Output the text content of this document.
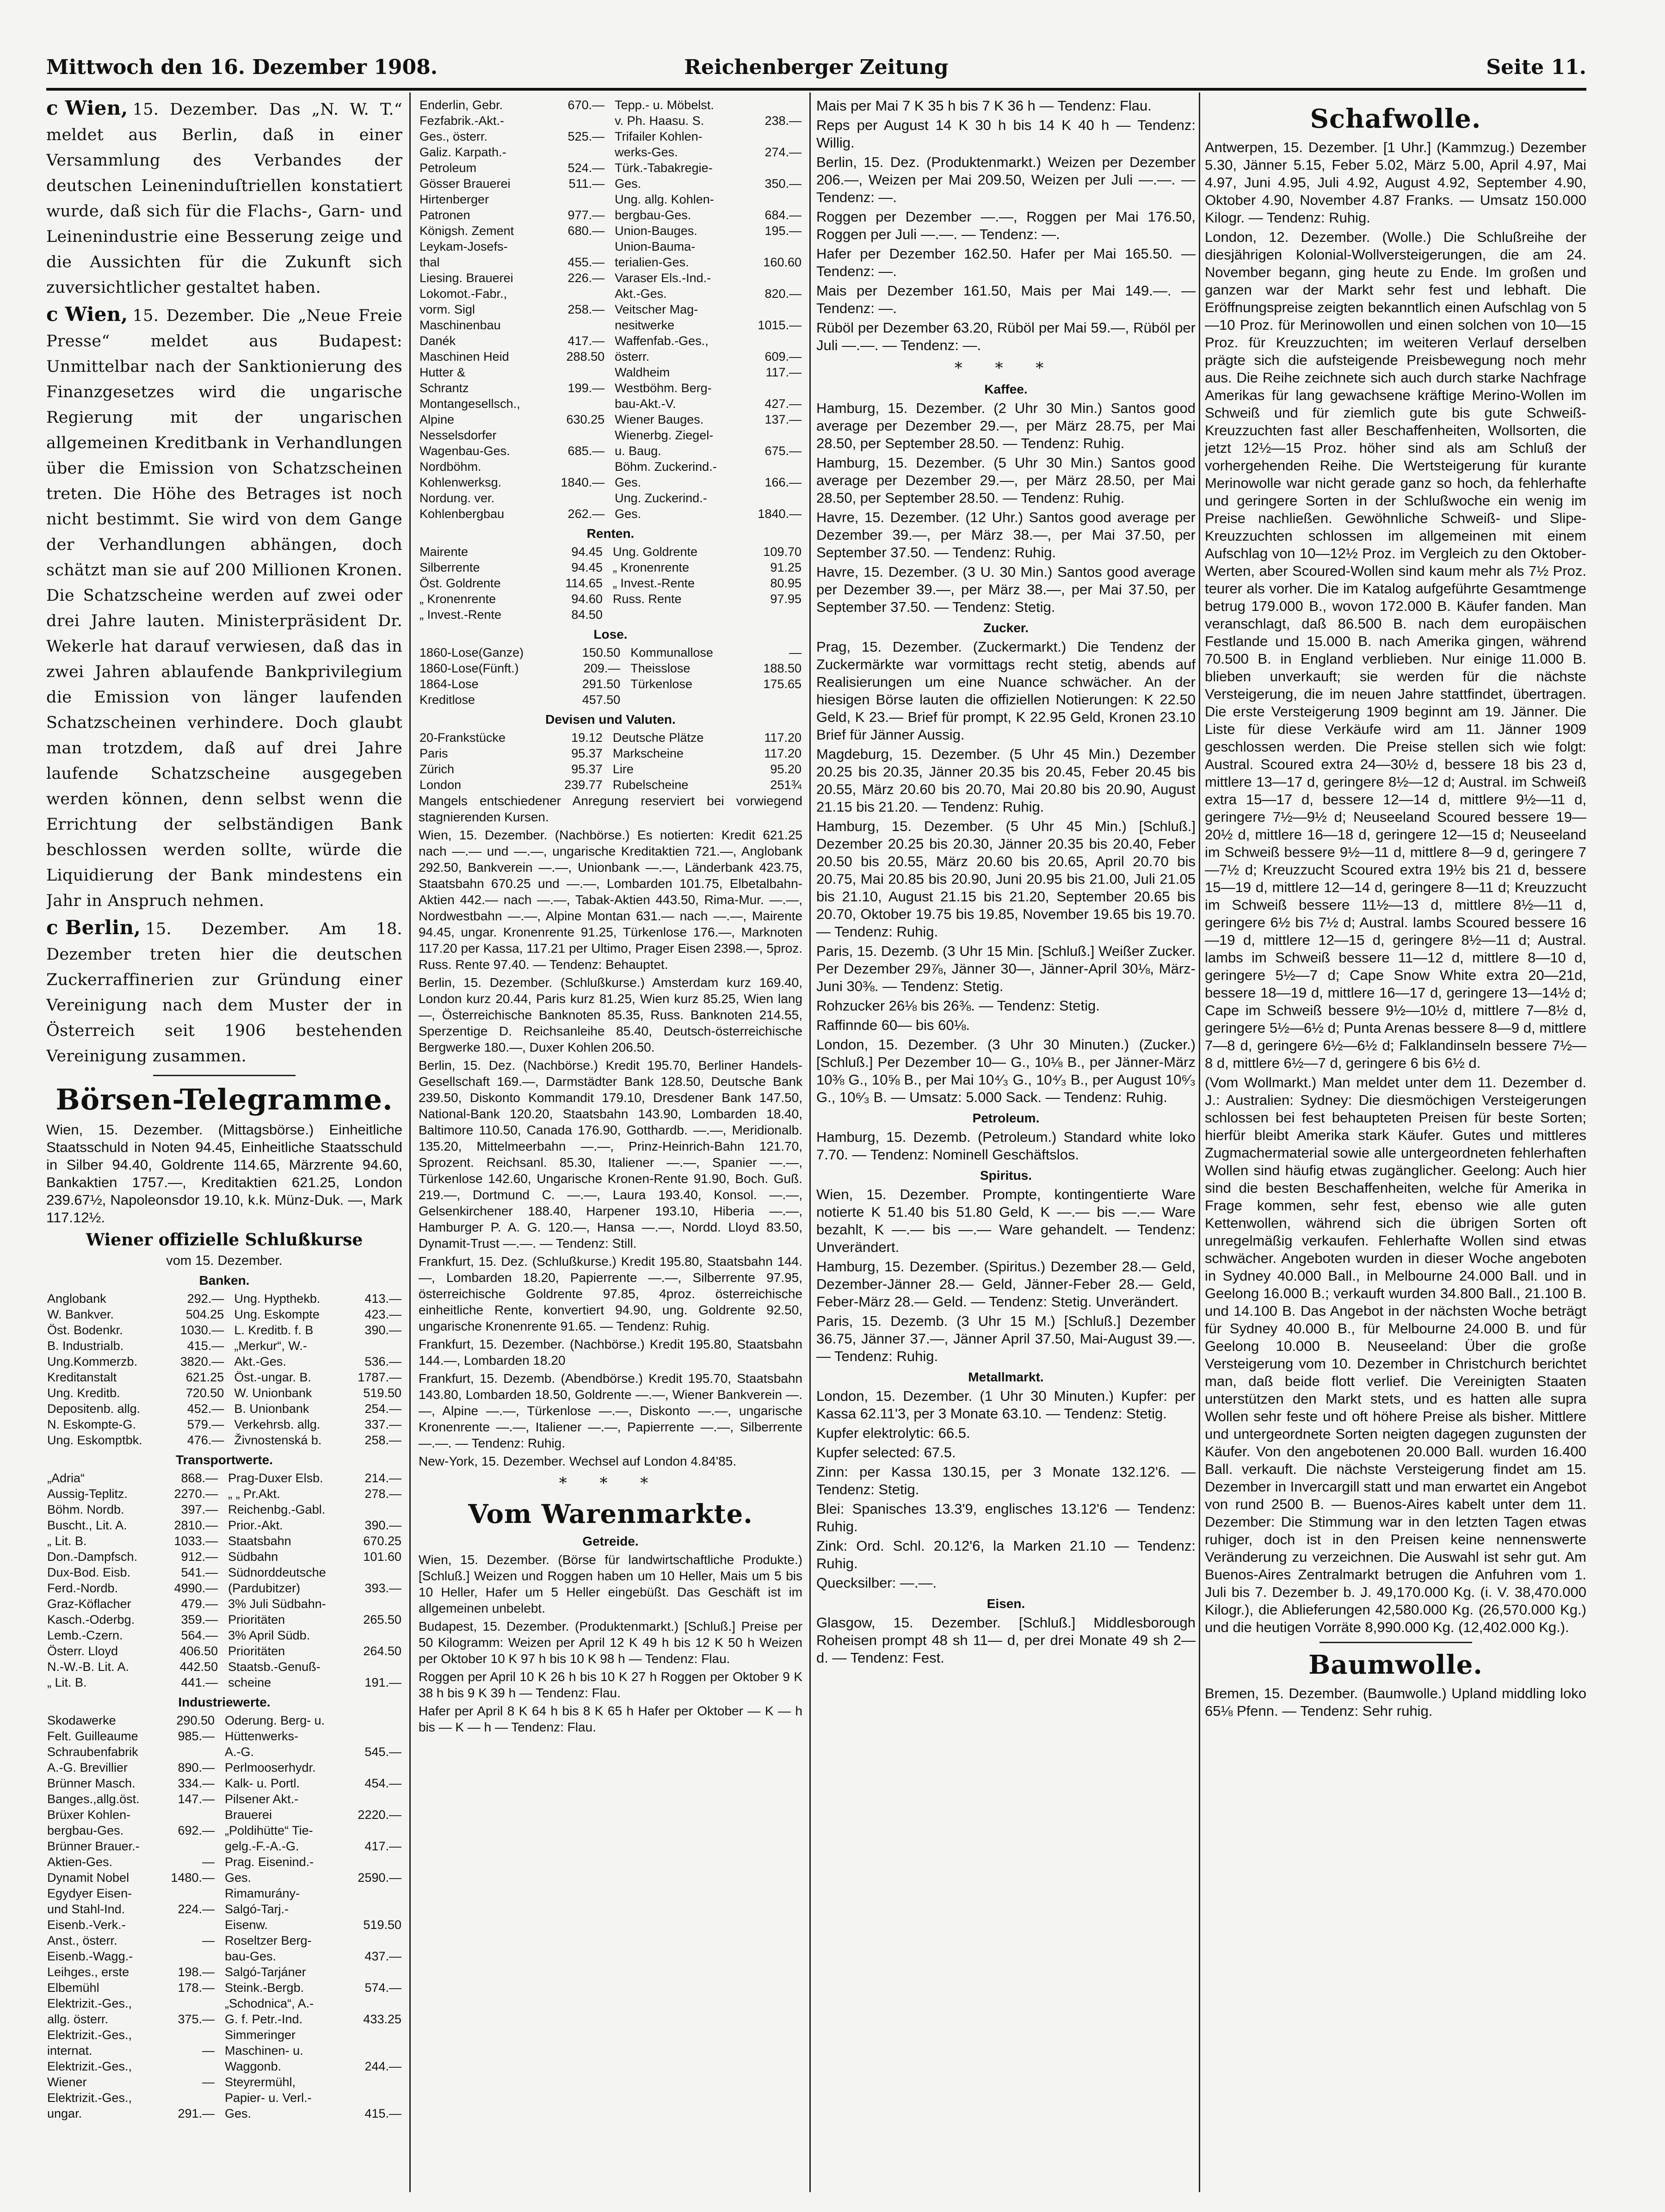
Mittwoch den 16. Dezember 1908.	Reichenberger Zeitung	Seite 11.

c Wien, 15. Dezember. Das „N. W. T.“ meldet aus Berlin, daß in einer Versammlung des Verbandes der deutschen Leineninduſtriellen konstatiert wurde, daß sich für die Flachs-, Garn- und Leinenindustrie eine Besserung zeige und die Aussichten für die Zukunft sich zuversichtlicher gestaltet haben.

c Wien, 15. Dezember. Die „Neue Freie Presse“ meldet aus Budapest: Unmittelbar nach der Sanktionierung des Finanzgesetzes wird die ungarische Regierung mit der ungarischen allgemeinen Kreditbank in Verhandlungen über die Emission von Schatzscheinen treten. Die Höhe des Betrages ist noch nicht bestimmt. Sie wird von dem Gange der Verhandlungen abhängen, doch schätzt man sie auf 200 Millionen Kronen. Die Schatzscheine werden auf zwei oder drei Jahre lauten. Ministerpräsident Dr. Wekerle hat darauf verwiesen, daß das in zwei Jahren ablaufende Bankprivilegium die Emission von länger laufenden Schatzscheinen verhindere. Doch glaubt man trotzdem, daß auf drei Jahre laufende Schatzscheine ausgegeben werden können, denn selbst wenn die Errichtung der selbständigen Bank beschlossen werden sollte, würde die Liquidierung der Bank mindestens ein Jahr in Anspruch nehmen.

c Berlin, 15. Dezember. Am 18. Dezember treten hier die deutschen Zuckerraffinerien zur Gründung einer Vereinigung nach dem Muster der in Österreich seit 1906 bestehenden Vereinigung zusammen.

Börsen-Telegramme.

Wien, 15. Dezember. (Mittagsbörse.) Einheitliche Staatsschuld in Noten 94.45, Einheitliche Staatsschuld in Silber 94.40, Goldrente 114.65, Märzrente 94.60, Bankaktien 1757.—, Kreditaktien 621.25, London 239.67½, Napoleonsdor 19.10, k.k. Münz-Duk. —, Mark 117.12½.

Wiener offizielle Schlußkurse
vom 15. Dezember.
Banken.
Anglobank	292.—		Ung. Hypthekb.	413.—
W. Bankver.	504.25		Ung. Eskompte	423.—
Öst. Bodenkr.	1030.—		L. Kreditb. f. B	390.—
B. Industrialb.	415.—		„Merkur“, W.-	
Ung.Kommerzb.	3820.—		Akt.-Ges.	536.—
Kreditanstalt	621.25		Öst.-ungar. B.	1787.—
Ung. Kreditb.	720.50		W. Unionbank	519.50
Depositenb. allg.	452.—		B. Unionbank	254.—
N. Eskompte-G.	579.—		Verkehrsb. allg.	337.—
Ung. Eskomptbk.	476.—		Živnostenská b.	258.—
Transportwerte.
„Adria“	868.—		Prag-Duxer Elsb.	214.—
Aussig-Teplitz.	2270.—		„ „ Pr.Akt.	278.—
Böhm. Nordb.	397.—		Reichenbg.-Gabl.	
Buscht., Lit. A.	2810.—		Prior.-Akt.	390.—
„ Lit. B.	1033.—		Staatsbahn	670.25
Don.-Dampfsch.	912.—		Südbahn	101.60
Dux-Bod. Eisb.	541.—		Südnorddeutsche	
Ferd.-Nordb.	4990.—		(Pardubitzer)	393.—
Graz-Köflacher	479.—		3% Juli Südbahn-	
Kasch.-Oderbg.	359.—		Prioritäten	265.50
Lemb.-Czern.	564.—		3% April Südb.	
Österr. Lloyd	406.50		Prioritäten	264.50
N.-W.-B. Lit. A.	442.50		Staatsb.-Genuß-	
„ Lit. B.	441.—		scheine	191.—
Industriewerte.
Skodawerke	290.50		Oderung. Berg- u.	
Felt. Guilleaume	985.—		Hüttenwerks-	
Schraubenfabrik			A.-G.	545.—
A.-G. Brevillier	890.—		Perlmooserhydr.	
Brünner Masch.	334.—		Kalk- u. Portl.	454.—
Banges.,allg.öst.	147.—		Pilsener Akt.-	
Brüxer Kohlen-			Brauerei	2220.—
bergbau-Ges.	692.—		„Poldihütte“ Tie-	
Brünner Brauer.-			gelg.-F.-A.-G.	417.—
Aktien-Ges.	—		Prag. Eisenind.-	
Dynamit Nobel	1480.—		Ges.	2590.—
Egydyer Eisen-			Rimamurány-	
und Stahl-Ind.	224.—		Salgó-Tarj.-	
Eisenb.-Verk.-			Eisenw.	519.50
Anst., österr.	—		Roseltzer Berg-	
Eisenb.-Wagg.-			bau-Ges.	437.—
Leihges., erste	198.—		Salgó-Tarjáner	
Elbemühl	178.—		Steink.-Bergb.	574.—
Elektrizit.-Ges.,			„Schodnica“, A.-	
allg. österr.	375.—		G. f. Petr.-Ind.	433.25
Elektrizit.-Ges.,			Simmeringer	
internat.	—		Maschinen- u.	
Elektrizit.-Ges.,			Waggonb.	244.—
Wiener	—		Steyrermühl,	
Elektrizit.-Ges.,			Papier- u. Verl.-	
ungar.	291.—		Ges.	415.—
Enderlin, Gebr.	670.—		Tepp.- u. Möbelst.	
Fezfabrik.-Akt.-			v. Ph. Haasu. S.	238.—
Ges., österr.	525.—		Trifailer Kohlen-	
Galiz. Karpath.-			werks-Ges.	274.—
Petroleum	524.—		Türk.-Tabakregie-	
Gösser Brauerei	511.—		Ges.	350.—
Hirtenberger			Ung. allg. Kohlen-	
Patronen	977.—		bergbau-Ges.	684.—
Königsh. Zement	680.—		Union-Bauges.	195.—
Leykam-Josefs-			Union-Bauma-	
thal	455.—		terialien-Ges.	160.60
Liesing. Brauerei	226.—		Varaser Els.-Ind.-	
Lokomot.-Fabr.,			Akt.-Ges.	820.—
vorm. Sigl	258.—		Veitscher Mag-	
Maschinenbau			nesitwerke	1015.—
Danék	417.—		Waffenfab.-Ges.,	
Maschinen Heid	288.50		österr.	609.—
Hutter &			Waldheim	117.—
Schrantz	199.—		Westböhm. Berg-	
Montangesellsch.,			bau-Akt.-V.	427.—
Alpine	630.25		Wiener Bauges.	137.—
Nesselsdorfer			Wienerbg. Ziegel-	
Wagenbau-Ges.	685.—		u. Baug.	675.—
Nordböhm.			Böhm. Zuckerind.-	
Kohlenwerksg.	1840.—		Ges.	166.—
Nordung. ver.			Ung. Zuckerind.-	
Kohlenbergbau	262.—		Ges.	1840.—
Renten.
Mairente	94.45		Ung. Goldrente	109.70
Silberrente	94.45		„ Kronenrente	91.25
Öst. Goldrente	114.65		„ Invest.-Rente	80.95
„ Kronenrente	94.60		Russ. Rente	97.95
„ Invest.-Rente	84.50			
Lose.
1860-Lose(Ganze)	150.50		Kommunallose	—
1860-Lose(Fünft.)	209.—		Theisslose	188.50
1864-Lose	291.50		Türkenlose	175.65
Kreditlose	457.50			
Devisen und Valuten.
20-Frankstücke	19.12		Deutsche Plätze	117.20
Paris	95.37		Markscheine	117.20
Zürich	95.37		Lire	95.20
London	239.77		Rubelscheine	251¾

Mangels entschiedener Anregung reserviert bei vorwiegend stagnierenden Kursen.

Wien, 15. Dezember. (Nachbörse.) Es notierten: Kredit 621.25 nach —.— und —.—, ungarische Kreditaktien 721.—, Anglobank 292.50, Bankverein —.—, Unionbank —.—, Länderbank 423.75, Staatsbahn 670.25 und —.—, Lombarden 101.75, Elbetalbahn-Aktien 442.— nach —.—, Tabak-Aktien 443.50, Rima-Mur. —.—, Nordwestbahn —.—, Alpine Montan 631.— nach —.—, Mairente 94.45, ungar. Kronenrente 91.25, Türkenlose 176.—, Marknoten 117.20 per Kassa, 117.21 per Ultimo, Prager Eisen 2398.—, 5proz. Russ. Rente 97.40. — Tendenz: Behauptet.

Berlin, 15. Dezember. (Schlußkurse.) Amsterdam kurz 169.40, London kurz 20.44, Paris kurz 81.25, Wien kurz 85.25, Wien lang —, Österreichische Banknoten 85.35, Russ. Banknoten 214.55, Sperzentige D. Reichsanleihe 85.40, Deutsch-österreichische Bergwerke 180.—, Duxer Kohlen 206.50.

Berlin, 15. Dez. (Nachbörse.) Kredit 195.70, Berliner Handels-Gesellschaft 169.—, Darmstädter Bank 128.50, Deutsche Bank 239.50, Diskonto Kommandit 179.10, Dresdener Bank 147.50, National-Bank 120.20, Staatsbahn 143.90, Lombarden 18.40, Baltimore 110.50, Canada 176.90, Gotthardb. —.—, Meridionalb. 135.20, Mittelmeerbahn —.—, Prinz-Heinrich-Bahn 121.70, Sprozent. Reichsanl. 85.30, Italiener —.—, Spanier —.—, Türkenlose 142.60, Ungarische Kronen-Rente 91.90, Boch. Guß. 219.—, Dortmund C. —.—, Laura 193.40, Konsol. —.—, Gelsenkirchener 188.40, Harpener 193.10, Hiberia —.—, Hamburger P. A. G. 120.—, Hansa —.—, Nordd. Lloyd 83.50, Dynamit-Trust —.—. — Tendenz: Still.

Frankfurt, 15. Dez. (Schlußkurse.) Kredit 195.80, Staatsbahn 144.—, Lombarden 18.20, Papierrente —.—, Silberrente 97.95, österreichische Goldrente 97.85, 4proz. österreichische einheitliche Rente, konvertiert 94.90, ung. Goldrente 92.50, ungarische Kronenrente 91.65. — Tendenz: Ruhig.

Frankfurt, 15. Dezember. (Nachbörse.) Kredit 195.80, Staatsbahn 144.—, Lombarden 18.20

Frankfurt, 15. Dezemb. (Abendbörse.) Kredit 195.70, Staatsbahn 143.80, Lombarden 18.50, Goldrente —.—, Wiener Bankverein —.—, Alpine —.—, Türkenlose —.—, Diskonto —.—, ungarische Kronenrente —.—, Italiener —.—, Papierrente —.—, Silberrente —.—. — Tendenz: Ruhig.

New-York, 15. Dezember. Wechsel auf London 4.84'85.

* * *
Vom Warenmarkte.
Getreide.

Wien, 15. Dezember. (Börse für landwirtschaftliche Produkte.) [Schluß.] Weizen und Roggen haben um 10 Heller, Mais um 5 bis 10 Heller, Hafer um 5 Heller eingebüßt. Das Geschäft ist im allgemeinen unbelebt.

Budapest, 15. Dezember. (Produktenmarkt.) [Schluß.] Preise per 50 Kilogramm: Weizen per April 12 K 49 h bis 12 K 50 h Weizen per Oktober 10 K 97 h bis 10 K 98 h — Tendenz: Flau.

Roggen per April 10 K 26 h bis 10 K 27 h Roggen per Oktober 9 K 38 h bis 9 K 39 h — Tendenz: Flau.

Hafer per April 8 K 64 h bis 8 K 65 h Hafer per Oktober — K — h bis — K — h — Tendenz: Flau.

Mais per Mai 7 K 35 h bis 7 K 36 h — Tendenz: Flau.

Reps per August 14 K 30 h bis 14 K 40 h — Tendenz: Willig.

Berlin, 15. Dez. (Produktenmarkt.) Weizen per Dezember 206.—, Weizen per Mai 209.50, Weizen per Juli —.—. — Tendenz: —.

Roggen per Dezember —.—, Roggen per Mai 176.50, Roggen per Juli —.—. — Tendenz: —.

Hafer per Dezember 162.50. Hafer per Mai 165.50. — Tendenz: —.

Mais per Dezember 161.50, Mais per Mai 149.—. — Tendenz: —.

Rüböl per Dezember 63.20, Rüböl per Mai 59.—, Rüböl per Juli —.—. — Tendenz: —.

* * *
Kaffee.

Hamburg, 15. Dezember. (2 Uhr 30 Min.) Santos good average per Dezember 29.—, per März 28.75, per Mai 28.50, per September 28.50. — Tendenz: Ruhig.

Hamburg, 15. Dezember. (5 Uhr 30 Min.) Santos good average per Dezember 29.—, per März 28.50, per Mai 28.50, per September 28.50. — Tendenz: Ruhig.

Havre, 15. Dezember. (12 Uhr.) Santos good average per Dezember 39.—, per März 38.—, per Mai 37.50, per September 37.50. — Tendenz: Ruhig.

Havre, 15. Dezember. (3 U. 30 Min.) Santos good average per Dezember 39.—, per März 38.—, per Mai 37.50, per September 37.50. — Tendenz: Stetig.

Zucker.

Prag, 15. Dezember. (Zuckermarkt.) Die Tendenz der Zuckermärkte war vormittags recht stetig, abends auf Realisierungen um eine Nuance schwächer. An der hiesigen Börse lauten die offiziellen Notierungen: K 22.50 Geld, K 23.— Brief für prompt, K 22.95 Geld, Kronen 23.10 Brief für Jänner Aussig.

Magdeburg, 15. Dezember. (5 Uhr 45 Min.) Dezember 20.25 bis 20.35, Jänner 20.35 bis 20.45, Feber 20.45 bis 20.55, März 20.60 bis 20.70, Mai 20.80 bis 20.90, August 21.15 bis 21.20. — Tendenz: Ruhig.

Hamburg, 15. Dezember. (5 Uhr 45 Min.) [Schluß.] Dezember 20.25 bis 20.30, Jänner 20.35 bis 20.40, Feber 20.50 bis 20.55, März 20.60 bis 20.65, April 20.70 bis 20.75, Mai 20.85 bis 20.90, Juni 20.95 bis 21.00, Juli 21.05 bis 21.10, August 21.15 bis 21.20, September 20.65 bis 20.70, Oktober 19.75 bis 19.85, November 19.65 bis 19.70. — Tendenz: Ruhig.

Paris, 15. Dezemb. (3 Uhr 15 Min. [Schluß.] Weißer Zucker. Per Dezember 29⅞, Jänner 30—, Jänner-April 30⅛, März-Juni 30⅜. — Tendenz: Stetig.

Rohzucker 26⅛ bis 26⅜. — Tendenz: Stetig.

Raffinnde 60— bis 60⅛.

London, 15. Dezember. (3 Uhr 30 Minuten.) (Zucker.) [Schluß.] Per Dezember 10— G., 10⅛ B., per Jänner-März 10⅜ G., 10⅝ B., per Mai 10⁴⁄₃ G., 10⁴⁄₃ B., per August 10⁶⁄₃ G., 10⁶⁄₃ B. — Umsatz: 5.000 Sack. — Tendenz: Ruhig.

Petroleum.

Hamburg, 15. Dezemb. (Petroleum.) Standard white loko 7.70. — Tendenz: Nominell Geschäftslos.

Spiritus.

Wien, 15. Dezember. Prompte, kontingentierte Ware notierte K 51.40 bis 51.80 Geld, K —.— bis —.— Ware bezahlt, K —.— bis —.— Ware gehandelt. — Tendenz: Unverändert.

Hamburg, 15. Dezember. (Spiritus.) Dezember 28.— Geld, Dezember-Jänner 28.— Geld, Jänner-Feber 28.— Geld, Feber-März 28.— Geld. — Tendenz: Stetig. Unverändert.

Paris, 15. Dezemb. (3 Uhr 15 M.) [Schluß.] Dezember 36.75, Jänner 37.—, Jänner April 37.50, Mai-August 39.—. — Tendenz: Ruhig.

Metallmarkt.

London, 15. Dezember. (1 Uhr 30 Minuten.) Kupfer: per Kassa 62.11'3, per 3 Monate 63.10. — Tendenz: Stetig.

Kupfer elektrolytic: 66.5.

Kupfer selected: 67.5.

Zinn: per Kassa 130.15, per 3 Monate 132.12'6. — Tendenz: Stetig.

Blei: Spanisches 13.3'9, englisches 13.12'6 — Tendenz: Ruhig.

Zink: Ord. Schl. 20.12'6, la Marken 21.10 — Tendenz: Ruhig.

Quecksilber: —.—.

Eisen.

Glasgow, 15. Dezember. [Schluß.] Middlesborough Roheisen prompt 48 sh 11— d, per drei Monate 49 sh 2— d. — Tendenz: Fest.

Schafwolle.

Antwerpen, 15. Dezember. [1 Uhr.] (Kammzug.) Dezember 5.30, Jänner 5.15, Feber 5.02, März 5.00, April 4.97, Mai 4.97, Juni 4.95, Juli 4.92, August 4.92, September 4.90, Oktober 4.90, November 4.87 Franks. — Umsatz 150.000 Kilogr. — Tendenz: Ruhig.

London, 12. Dezember. (Wolle.) Die Schlußreihe der diesjährigen Kolonial-Wollversteigerungen, die am 24. November begann, ging heute zu Ende. Im großen und ganzen war der Markt sehr fest und lebhaft. Die Eröffnungspreise zeigten bekanntlich einen Aufschlag von 5—10 Proz. für Merinowollen und einen solchen von 10—15 Proz. für Kreuzzuchten; im weiteren Verlauf derselben prägte sich die aufsteigende Preisbewegung noch mehr aus. Die Reihe zeichnete sich auch durch starke Nachfrage Amerikas für lang gewachsene kräftige Merino-Wollen im Schweiß und für ziemlich gute bis gute Schweiß-Kreuzzuchten fast aller Beschaffenheiten, Wollsorten, die jetzt 12½—15 Proz. höher sind als am Schluß der vorhergehenden Reihe. Die Wertsteigerung für kurante Merinowolle war nicht gerade ganz so hoch, da fehlerhafte und geringere Sorten in der Schlußwoche ein wenig im Preise nachließen. Gewöhnliche Schweiß- und Slipe-Kreuzzuchten schlossen im allgemeinen mit einem Aufschlag von 10—12½ Proz. im Vergleich zu den Oktober-Werten, aber Scoured-Wollen sind kaum mehr als 7½ Proz. teurer als vorher. Die im Katalog aufgeführte Gesamtmenge betrug 179.000 B., wovon 172.000 B. Käufer fanden. Man veranschlagt, daß 86.500 B. nach dem europäischen Festlande und 15.000 B. nach Amerika gingen, während 70.500 B. in England verblieben. Nur einige 11.000 B. blieben unverkauft; sie werden für die nächste Versteigerung, die im neuen Jahre stattfindet, übertragen. Die erste Versteigerung 1909 beginnt am 19. Jänner. Die Liste für diese Verkäufe wird am 11. Jänner 1909 geschlossen werden. Die Preise stellen sich wie folgt: Austral. Scoured extra 24—30½ d, bessere 18 bis 23 d, mittlere 13—17 d, geringere 8½—12 d; Austral. im Schweiß extra 15—17 d, bessere 12—14 d, mittlere 9½—11 d, geringere 7½—9½ d; Neuseeland Scoured bessere 19—20½ d, mittlere 16—18 d, geringere 12—15 d; Neuseeland im Schweiß bessere 9½—11 d, mittlere 8—9 d, geringere 7—7½ d; Kreuzzucht Scoured extra 19½ bis 21 d, bessere 15—19 d, mittlere 12—14 d, geringere 8—11 d; Kreuzzucht im Schweiß bessere 11½—13 d, mittlere 8½—11 d, geringere 6½ bis 7½ d; Austral. lambs Scoured bessere 16—19 d, mittlere 12—15 d, geringere 8½—11 d; Austral. lambs im Schweiß bessere 11—12 d, mittlere 8—10 d, geringere 5½—7 d; Cape Snow White extra 20—21d, bessere 18—19 d, mittlere 16—17 d, geringere 13—14½ d; Cape im Schweiß bessere 9½—10½ d, mittlere 7—8½ d, geringere 5½—6½ d; Punta Arenas bessere 8—9 d, mittlere 7—8 d, geringere 6½—6½ d; Falklandinseln bessere 7½—8 d, mittlere 6½—7 d, geringere 6 bis 6½ d.

(Vom Wollmarkt.) Man meldet unter dem 11. Dezember d. J.: Australien: Sydney: Die diesmöchigen Versteigerungen schlossen bei fest behaupteten Preisen für beste Sorten; hierfür bleibt Amerika stark Käufer. Gutes und mittleres Zugmachermaterial sowie alle untergeordneten fehlerhaften Wollen sind häufig etwas zugänglicher. Geelong: Auch hier sind die besten Beschaffenheiten, welche für Amerika in Frage kommen, sehr fest, ebenso wie alle guten Kettenwollen, während sich die übrigen Sorten oft unregelmäßig verkaufen. Fehlerhafte Wollen sind etwas schwächer. Angeboten wurden in dieser Woche angeboten in Sydney 40.000 Ball., in Melbourne 24.000 Ball. und in Geelong 16.000 B.; verkauft wurden 34.800 Ball., 21.100 B. und 14.100 B. Das Angebot in der nächsten Woche beträgt für Sydney 40.000 B., für Melbourne 24.000 B. und für Geelong 10.000 B. Neuseeland: Über die große Versteigerung vom 10. Dezember in Christchurch berichtet man, daß beide flott verlief. Die Vereinigten Staaten unterstützen den Markt stets, und es hatten alle supra Wollen sehr feste und oft höhere Preise als bisher. Mittlere und untergeordnete Sorten neigten dagegen zugunsten der Käufer. Von den angebotenen 20.000 Ball. wurden 16.400 Ball. verkauft. Die nächste Versteigerung findet am 15. Dezember in Invercargill statt und man erwartet ein Angebot von rund 2500 B. — Buenos-Aires kabelt unter dem 11. Dezember: Die Stimmung war in den letzten Tagen etwas ruhiger, doch ist in den Preisen keine nennenswerte Veränderung zu verzeichnen. Die Auswahl ist sehr gut. Am Buenos-Aires Zentralmarkt betrugen die Anfuhren vom 1. Juli bis 7. Dezember b. J. 49,170.000 Kg. (i. V. 38,470.000 Kilogr.), die Ablieferungen 42,580.000 Kg. (26,570.000 Kg.) und die heutigen Vorräte 8,990.000 Kg. (12,402.000 Kg.).

Baumwolle.

Bremen, 15. Dezember. (Baumwolle.) Upland middling loko 65⅛ Pfenn. — Tendenz: Sehr ruhig.
